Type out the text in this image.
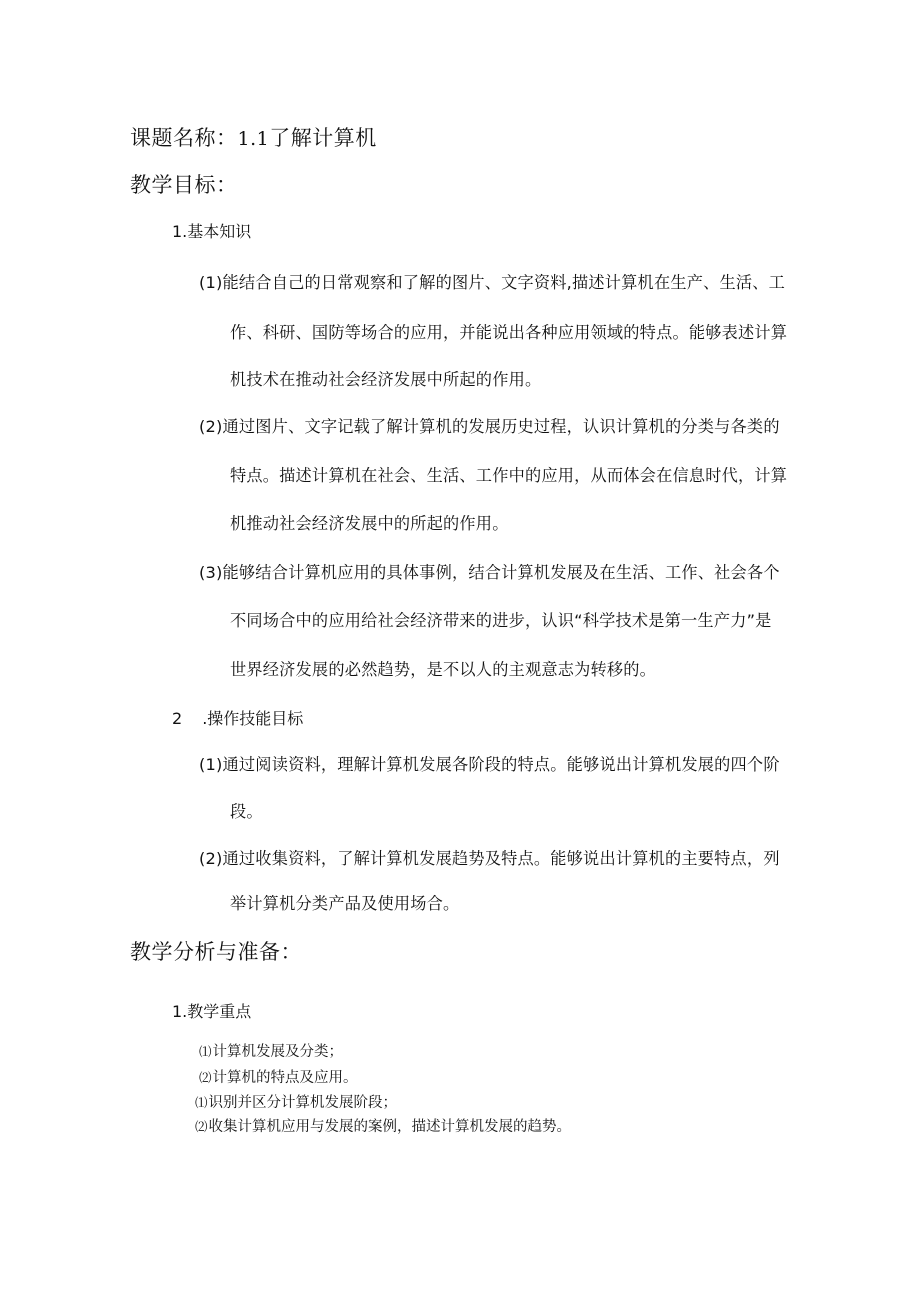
课题名称：1.1了解计算机
教学目标：
1.基本知识
(1)能结合自己的日常观察和了解的图片、文字资料,描述计算机在生产、生活、工
作、科研、国防等场合的应用，并能说出各种应用领域的特点。能够表述计算
机技术在推动社会经济发展中所起的作用。
(2)通过图片、文字记载了解计算机的发展历史过程，认识计算机的分类与各类的
特点。描述计算机在社会、生活、工作中的应用，从而体会在信息时代，计算
机推动社会经济发展中的所起的作用。
(3)能够结合计算机应用的具体事例，结合计算机发展及在生活、工作、社会各个
不同场合中的应用给社会经济带来的进步，认识“科学技术是第一生产力”是
世界经济发展的必然趋势，是不以人的主观意志为转移的。
2 .操作技能目标
(1)通过阅读资料，理解计算机发展各阶段的特点。能够说出计算机发展的四个阶
段。
(2)通过收集资料，了解计算机发展趋势及特点。能够说出计算机的主要特点，列
举计算机分类产品及使用场合。
教学分析与准备：
1.教学重点
⑴计算机发展及分类；
⑵计算机的特点及应用。
⑴识别并区分计算机发展阶段；
⑵收集计算机应用与发展的案例，描述计算机发展的趋势。
